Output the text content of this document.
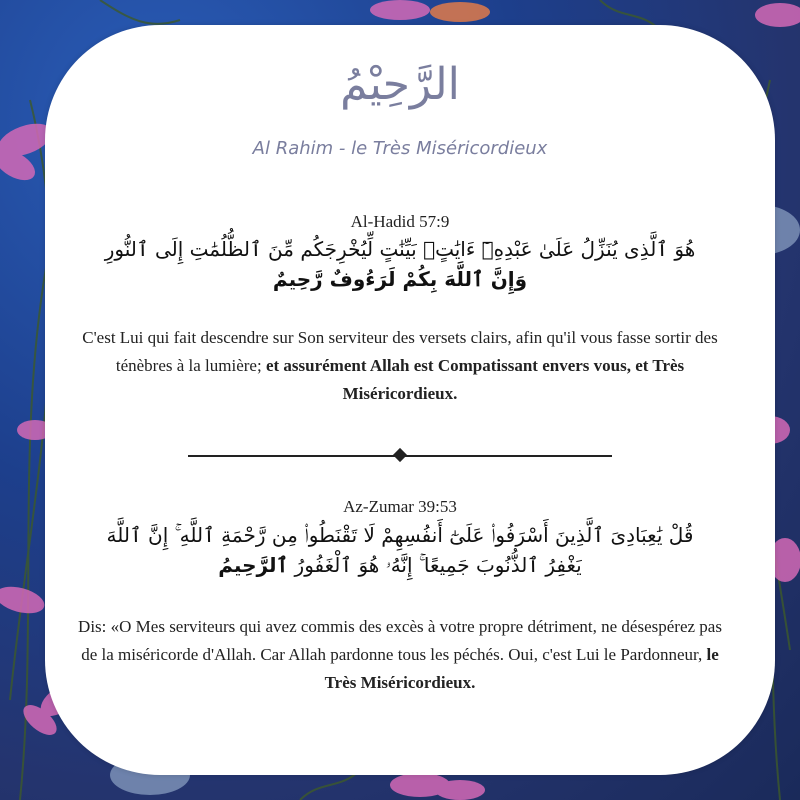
الرَّحِيْمُ
Al Rahim - le Très Miséricordieux
Al-Hadid 57:9
هُوَ ٱلَّذِى يُنَزِّلُ عَلَىٰ عَبْدِهِۦٓ ءَايَٰتٍۭ بَيِّنَٰتٍ لِّيُخْرِجَكُم مِّنَ ٱلظُّلُمَٰتِ إِلَى ٱلنُّورِ وَإِنَّ ٱللَّهَ بِكُمْ لَرَءُوفٌ رَّحِيمٌ
C'est Lui qui fait descendre sur Son serviteur des versets clairs, afin qu'il vous fasse sortir des ténèbres à la lumière; et assurément Allah est Compatissant envers vous, et Très Miséricordieux.
Az-Zumar 39:53
قُلْ يَٰعِبَادِىَ ٱلَّذِينَ أَسْرَفُوا۟ عَلَىٰٓ أَنفُسِهِمْ لَا تَقْنَطُوا۟ مِن رَّحْمَةِ ٱللَّهِ ۚ إِنَّ ٱللَّهَ يَغْفِرُ ٱلذُّنُوبَ جَمِيعًا ۚ إِنَّهُۥ هُوَ ٱلْغَفُورُ ٱلرَّحِيمُ
Dis: «O Mes serviteurs qui avez commis des excès à votre propre détriment, ne désespérez pas de la miséricorde d'Allah. Car Allah pardonne tous les péchés. Oui, c'est Lui le Pardonneur, le Très Miséricordieux.
